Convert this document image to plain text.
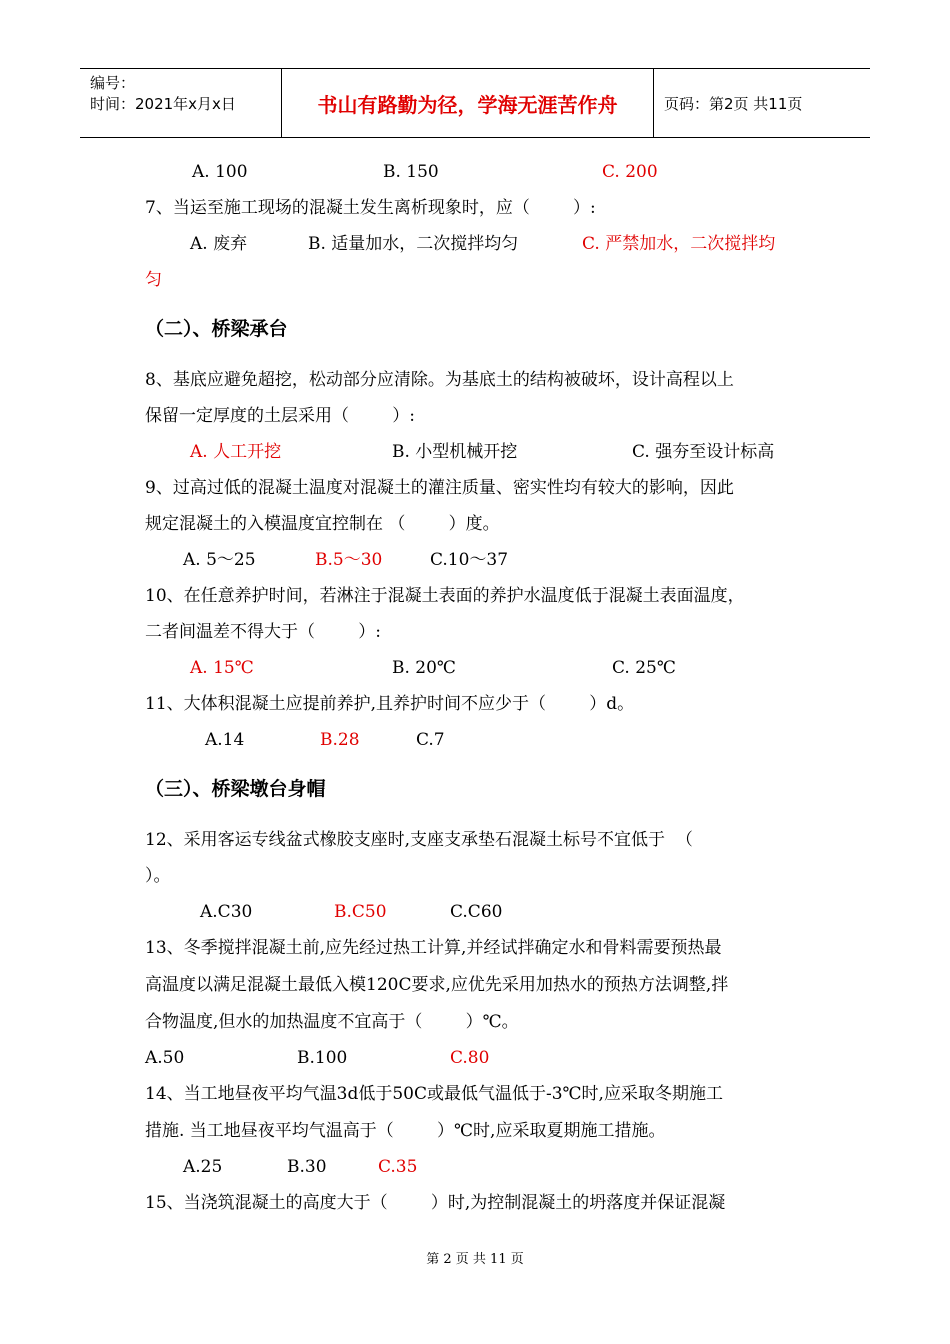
编号：
时间：2021年x月x日	书山有路勤为径，学海无涯苦作舟	页码：第2页 共11页
A. 100	B. 150	C. 200
7、当运至施工现场的混凝土发生离析现象时，应（        ）:
A. 废弃	B. 适量加水，二次搅拌均匀	C. 严禁加水，二次搅拌均
匀
（二）、桥梁承台
8、基底应避免超挖，松动部分应清除。为基底土的结构被破坏，设计高程以上
保留一定厚度的土层采用（        ）:
A. 人工开挖	B. 小型机械开挖	C. 强夯至设计标高
9、过高过低的混凝土温度对混凝土的灌注质量、密实性均有较大的影响，因此
规定混凝土的入模温度宜控制在 （        ）度。
A. 5～25	B.5～30	C.10～37
10、在任意养护时间，若淋注于混凝土表面的养护水温度低于混凝土表面温度，
二者间温差不得大于（        ）:
A. 15℃	B. 20℃	C. 25℃
11、大体积混凝土应提前养护,且养护时间不应少于（        ）d。
A.14	B.28	C.7
（三）、桥梁墩台身帽
12、采用客运专线盆式橡胶支座时,支座支承垫石混凝土标号不宜低于  （
）。
A.C30	B.C50	C.C60
13、冬季搅拌混凝土前,应先经过热工计算,并经试拌确定水和骨料需要预热最
高温度以满足混凝土最低入模120C要求,应优先采用加热水的预热方法调整,拌
合物温度,但水的加热温度不宜高于（        ）℃。
A.50	B.100	C.80
14、当工地昼夜平均气温3d低于50C或最低气温低于-3℃时,应采取冬期施工
措施. 当工地昼夜平均气温高于（        ）℃时,应采取夏期施工措施。
A.25	B.30	C.35
15、当浇筑混凝土的高度大于（        ）时,为控制混凝土的坍落度并保证混凝
第 2 页 共 11 页
